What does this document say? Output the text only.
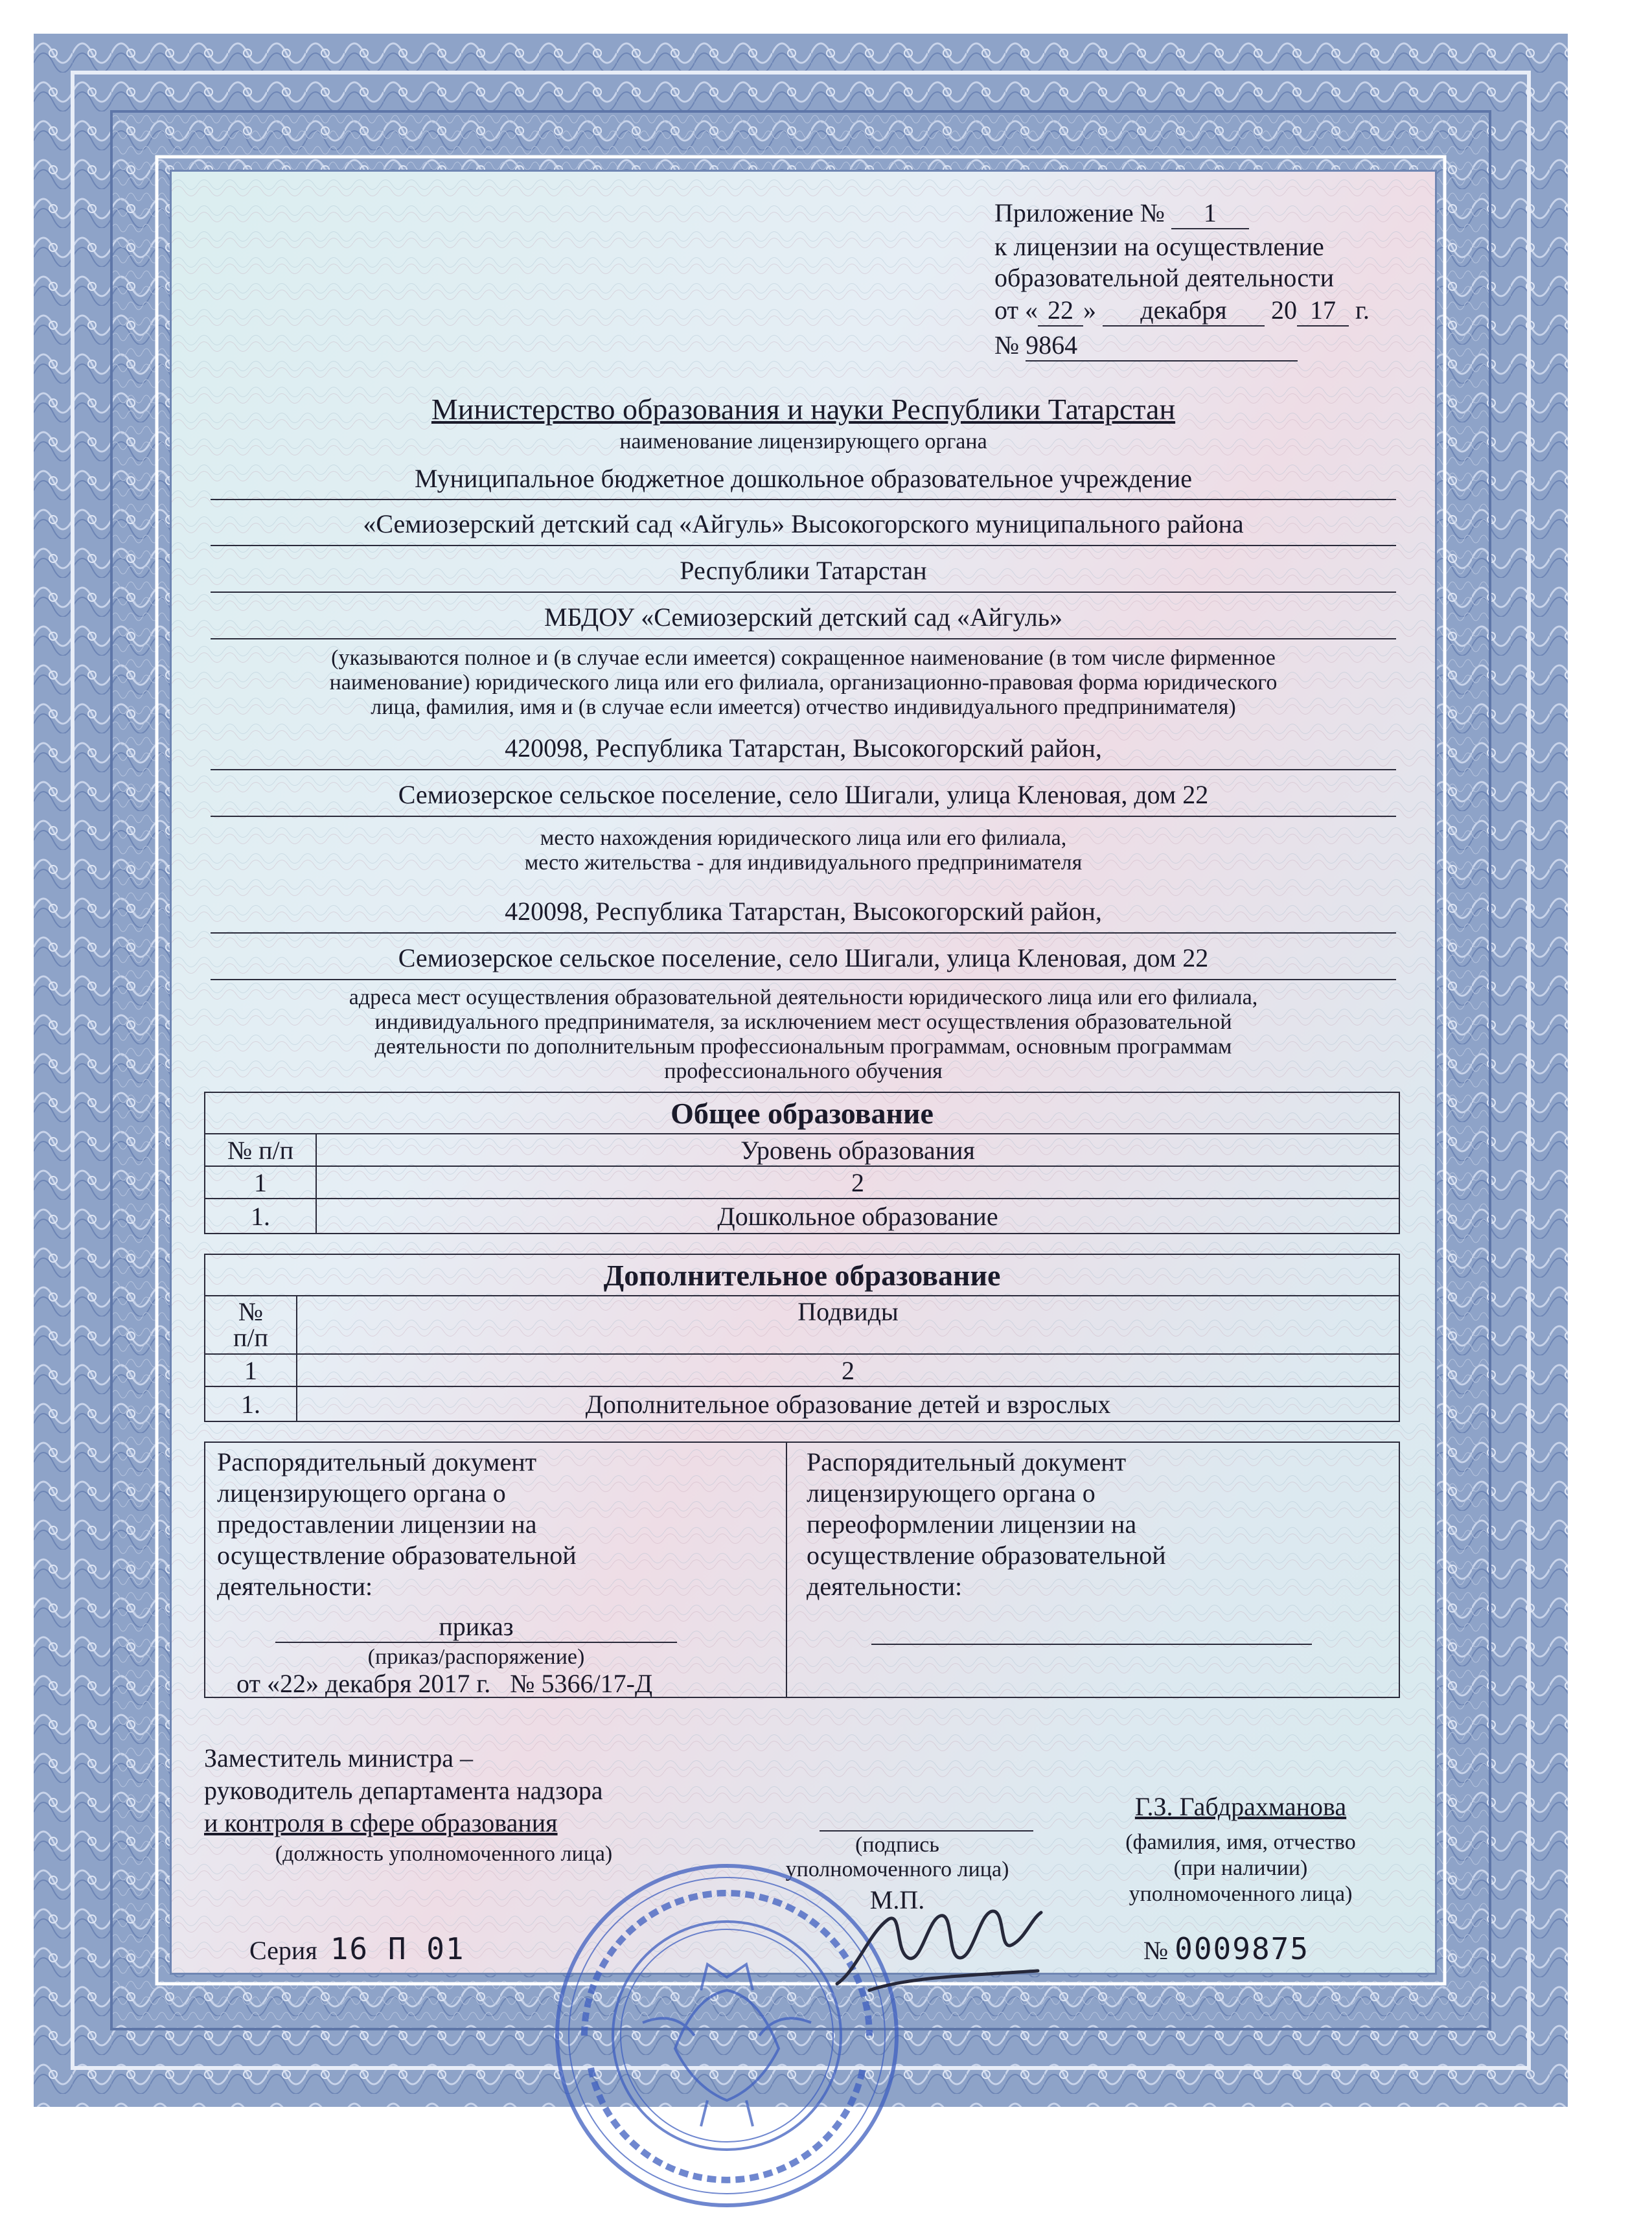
Приложение № 1
к лицензии на осуществление
образовательной деятельности
от « 22 » декабря 20 17 г.
№ 9864
Министерство образования и науки Республики Татарстан
наименование лицензирующего органа
Муниципальное бюджетное дошкольное образовательное учреждение
«Семиозерский детский сад «Айгуль» Высокогорского муниципального района
Республики Татарстан
МБДОУ «Семиозерский детский сад «Айгуль»
(указываются полное и (в случае если имеется) сокращенное наименование (в том числе фирменное
наименование) юридического лица или его филиала, организационно-правовая форма юридического
лица, фамилия, имя и (в случае если имеется) отчество индивидуального предпринимателя)
420098, Республика Татарстан, Высокогорский район,
Семиозерское сельское поселение, село Шигали, улица Кленовая, дом 22
место нахождения юридического лица или его филиала,
место жительства - для индивидуального предпринимателя
420098, Республика Татарстан, Высокогорский район,
Семиозерское сельское поселение, село Шигали, улица Кленовая, дом 22
адреса мест осуществления образовательной деятельности юридического лица или его филиала,
индивидуального предпринимателя, за исключением мест осуществления образовательной
деятельности по дополнительным профессиональным программам, основным программам
профессионального обучения
Общее образование	
№ п/п	Уровень образования
1	2
1.	Дошкольное образование
Дополнительное образование	
№
п/п	Подвиды
1	2
1.	Дополнительное образование детей и взрослых
Распорядительный документ
лицензирующего органа о
предоставлении лицензии на
осуществление образовательной
деятельности:
приказ
(приказ/распоряжение)
от «22» декабря 2017 г. № 5366/17-Д
Распорядительный документ
лицензирующего органа о
переоформлении лицензии на
осуществление образовательной
деятельности:
Заместитель министра –
руководитель департамента надзора
и контроля в сфере образования
(должность уполномоченного лица)	(подпись
уполномоченного лица)
М.П.
Г.З. Габдрахманова
(фамилия, имя, отчество
(при наличии)
уполномоченного лица)
Серия 16 П 01	№ 0009875
